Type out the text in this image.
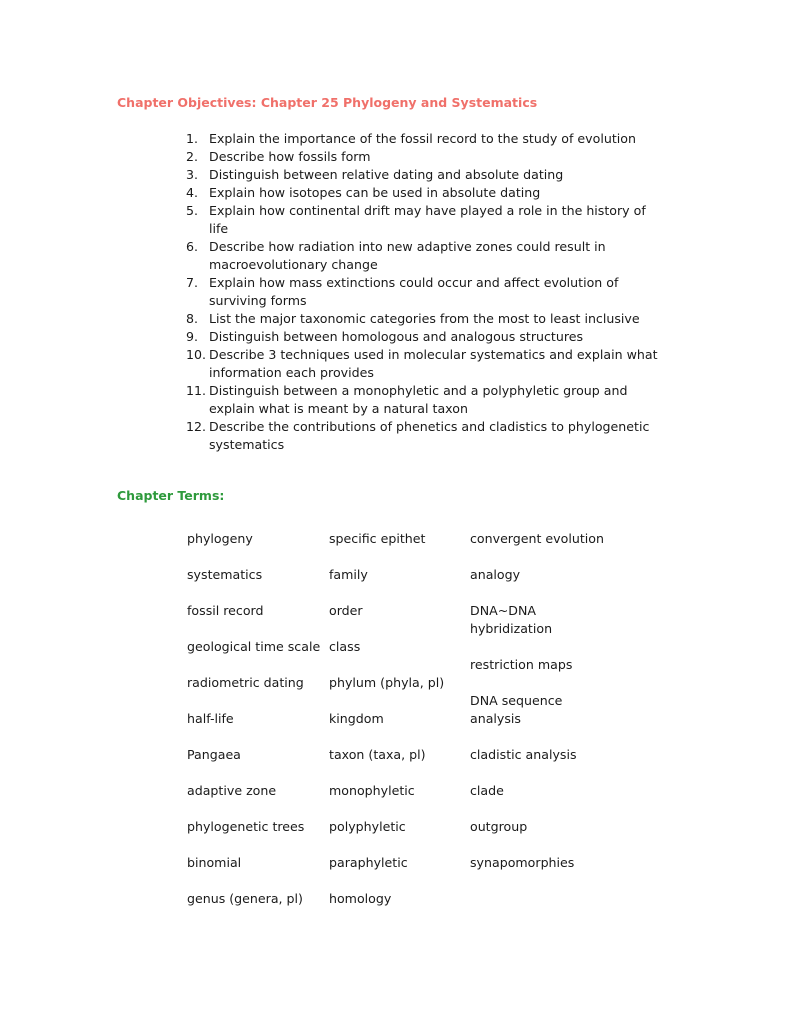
Chapter Objectives: Chapter 25 Phylogeny and Systematics
1. Explain the importance of the fossil record to the study of evolution
2. Describe how fossils form
3. Distinguish between relative dating and absolute dating
4. Explain how isotopes can be used in absolute dating
5. Explain how continental drift may have played a role in the history of life
6. Describe how radiation into new adaptive zones could result in macroevolutionary change
7. Explain how mass extinctions could occur and affect evolution of surviving forms
8. List the major taxonomic categories from the most to least inclusive
9. Distinguish between homologous and analogous structures
10. Describe 3 techniques used in molecular systematics and explain what information each provides
11. Distinguish between a monophyletic and a polyphyletic group and explain what is meant by a natural taxon
12. Describe the contributions of phenetics and cladistics to phylogenetic systematics
Chapter Terms:
phylogeny
systematics
fossil record
geological time scale
radiometric dating
half-life
Pangaea
adaptive zone
phylogenetic trees
binomial
genus (genera, pl)
specific epithet
family
order
class
phylum (phyla, pl)
kingdom
taxon (taxa, pl)
monophyletic
polyphyletic
paraphyletic
homology
convergent evolution
analogy
DNA~DNA hybridization
restriction maps
DNA sequence analysis
cladistic analysis
clade
outgroup
synapomorphies
